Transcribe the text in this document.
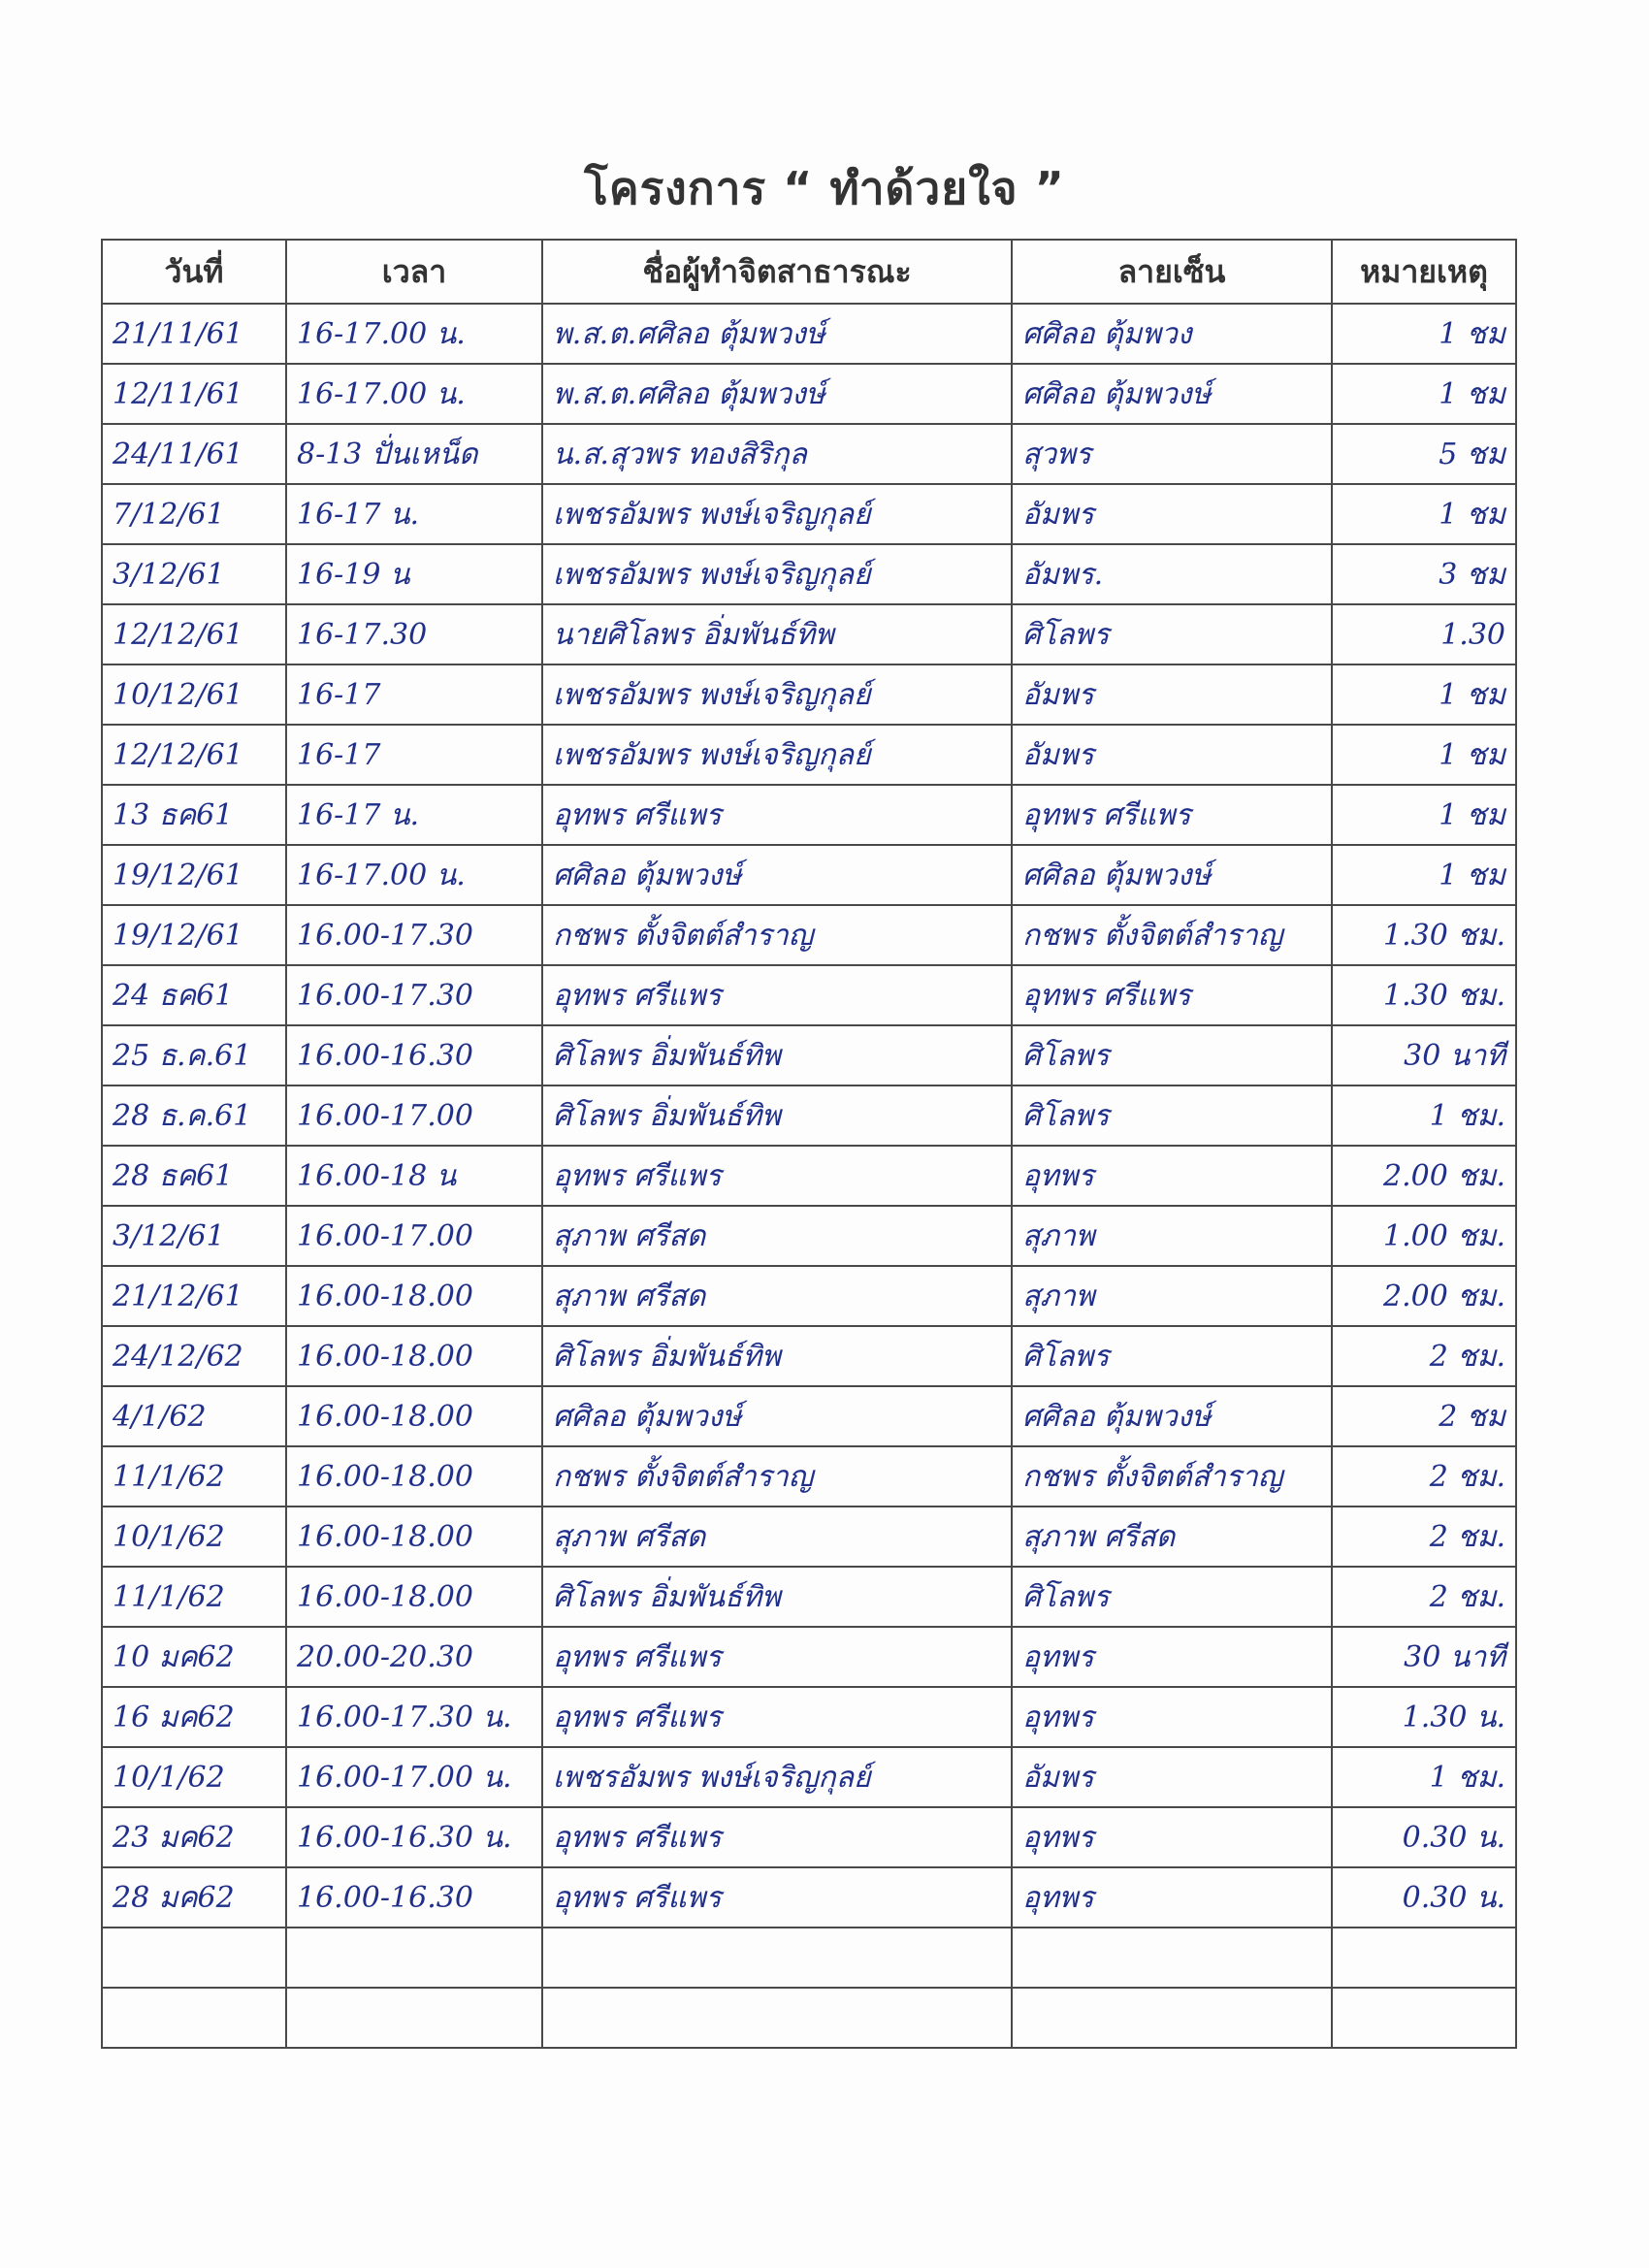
โครงการ “ ทำด้วยใจ ”
วันที่	เวลา	ชื่อผู้ทำจิตสาธารณะ	ลายเซ็น	หมายเหตุ
21/11/61	16-17.00 น.	พ.ส.ต.ศศิลอ ตุ้มพวงษ์	ศศิลอ ตุ้มพวง	1 ชม
12/11/61	16-17.00 น.	พ.ส.ต.ศศิลอ ตุ้มพวงษ์	ศศิลอ ตุ้มพวงษ์	1 ชม
24/11/61	8-13 ปั่นเหน็ด	น.ส.สุวพร ทองสิริกุล	สุวพร	5 ชม
7/12/61	16-17 น.	เพชรอัมพร พงษ์เจริญกุลย์	อัมพร	1 ชม
3/12/61	16-19 น	เพชรอัมพร พงษ์เจริญกุลย์	อัมพร.	3 ชม
12/12/61	16-17.30	นายศิโลพร อิ่มพันธ์ทิพ	ศิโลพร	1.30
10/12/61	16-17	เพชรอัมพร พงษ์เจริญกุลย์	อัมพร	1 ชม
12/12/61	16-17	เพชรอัมพร พงษ์เจริญกุลย์	อัมพร	1 ชม
13 ธค61	16-17 น.	อุทพร ศรีแพร	อุทพร ศรีแพร	1 ชม
19/12/61	16-17.00 น.	ศศิลอ ตุ้มพวงษ์	ศศิลอ ตุ้มพวงษ์	1 ชม
19/12/61	16.00-17.30	กชพร ตั้งจิตต์สำราญ	กชพร ตั้งจิตต์สำราญ	1.30 ชม.
24 ธค61	16.00-17.30	อุทพร ศรีแพร	อุทพร ศรีแพร	1.30 ชม.
25 ธ.ค.61	16.00-16.30	ศิโลพร อิ่มพันธ์ทิพ	ศิโลพร	30 นาที
28 ธ.ค.61	16.00-17.00	ศิโลพร อิ่มพันธ์ทิพ	ศิโลพร	1 ชม.
28 ธค61	16.00-18 น	อุทพร ศรีแพร	อุทพร	2.00 ชม.
3/12/61	16.00-17.00	สุภาพ ศรีสด	สุภาพ	1.00 ชม.
21/12/61	16.00-18.00	สุภาพ ศรีสด	สุภาพ	2.00 ชม.
24/12/62	16.00-18.00	ศิโลพร อิ่มพันธ์ทิพ	ศิโลพร	2 ชม.
4/1/62	16.00-18.00	ศศิลอ ตุ้มพวงษ์	ศศิลอ ตุ้มพวงษ์	2 ชม
11/1/62	16.00-18.00	กชพร ตั้งจิตต์สำราญ	กชพร ตั้งจิตต์สำราญ	2 ชม.
10/1/62	16.00-18.00	สุภาพ ศรีสด	สุภาพ ศรีสด	2 ชม.
11/1/62	16.00-18.00	ศิโลพร อิ่มพันธ์ทิพ	ศิโลพร	2 ชม.
10 มค62	20.00-20.30	อุทพร ศรีแพร	อุทพร	30 นาที
16 มค62	16.00-17.30 น.	อุทพร ศรีแพร	อุทพร	1.30 น.
10/1/62	16.00-17.00 น.	เพชรอัมพร พงษ์เจริญกุลย์	อัมพร	1 ชม.
23 มค62	16.00-16.30 น.	อุทพร ศรีแพร	อุทพร	0.30 น.
28 มค62	16.00-16.30	อุทพร ศรีแพร	อุทพร	0.30 น.
